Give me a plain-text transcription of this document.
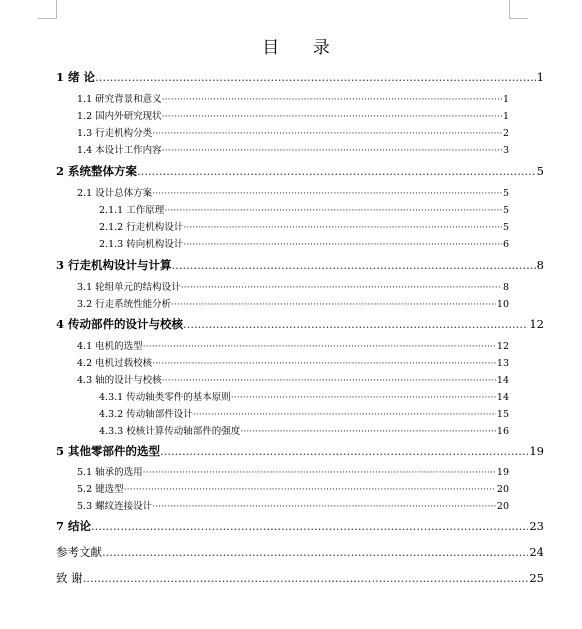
目 录
1 绪 论 .....	1
1.1 研究背景和意义 ·····	1
1.2 国内外研究现状 ·····	1
1.3 行走机构分类 ·····	2
1.4 本设计工作内容 ·····	3
2 系统整体方案 .....	5
2.1 设计总体方案 ·····	5
2.1.1 工作原理 ·····	5
2.1.2 行走机构设计 ·····	5
2.1.3 转向机构设计 ·····	6
3 行走机构设计与计算 .....	8
3.1 轮组单元的结构设计 ·····	8
3.2 行走系统性能分析 ·····	10
4 传动部件的设计与校核 .....	12
4.1 电机的选型 ·····	12
4.2 电机过载校核 ·····	13
4.3 轴的设计与校核 ·····	14
4.3.1 传动轴类零件的基本原则 ·····	14
4.3.2 传动轴部件设计 ·····	15
4.3.3 校核计算传动轴部件的强度 ·····	16
5 其他零部件的选型 .....	19
5.1 轴承的选用 ·····	19
5.2 键选型 ·····	20
5.3 螺纹连接设计 ·····	20
7 结论 .....	23
参考文献 .....	24
致 谢 .....	25
